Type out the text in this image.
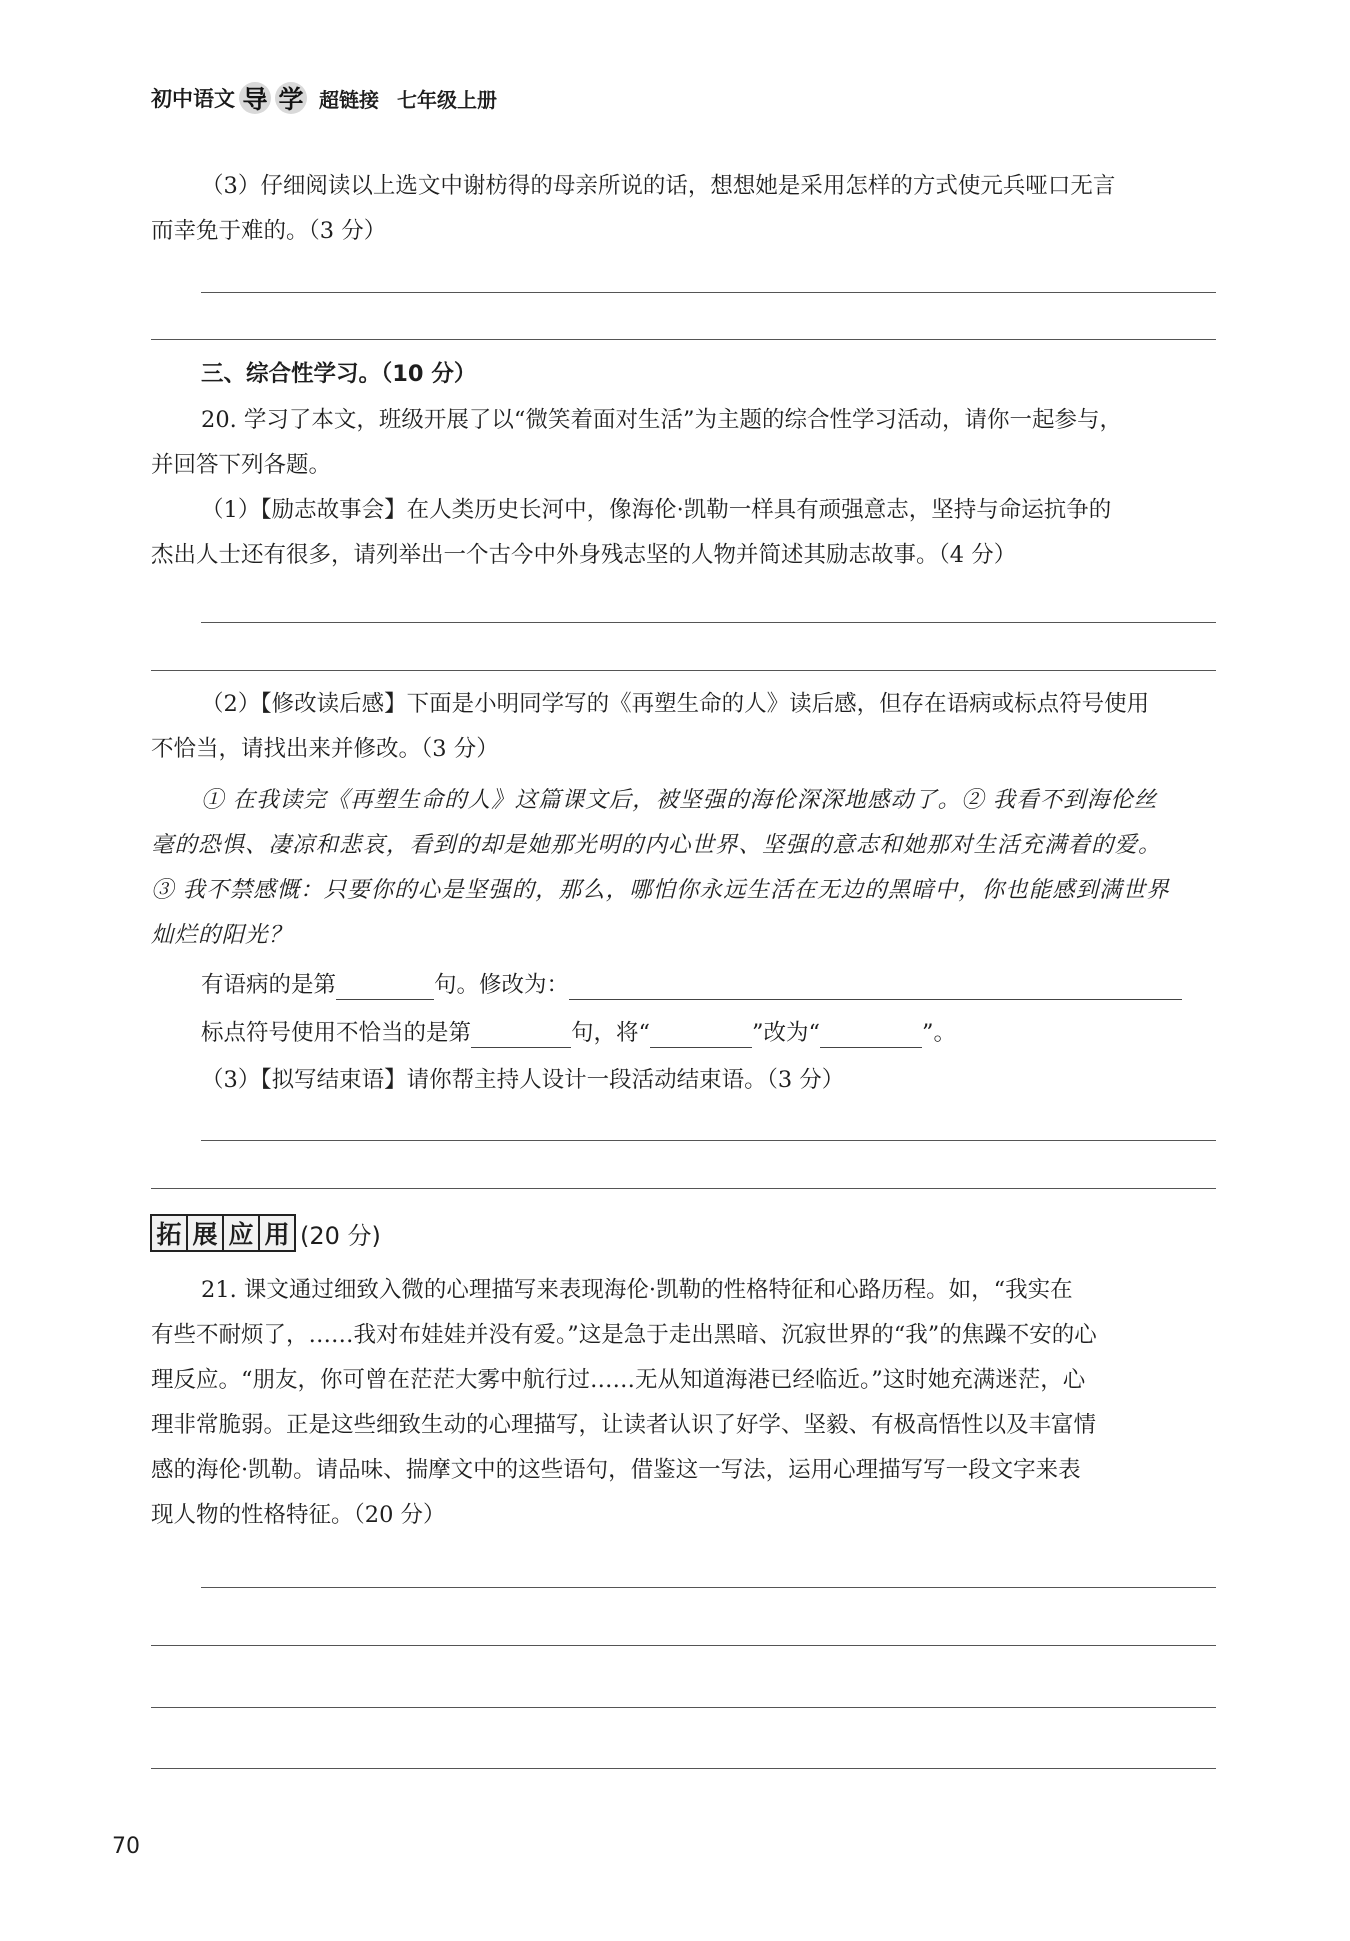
初中语文 导 学 超链接 七年级上册
（3）仔细阅读以上选文中谢枋得的母亲所说的话，想想她是采用怎样的方式使元兵哑口无言
而幸免于难的。（3 分）
三、综合性学习。（10 分）
20. 学习了本文，班级开展了以“微笑着面对生活”为主题的综合性学习活动，请你一起参与，
并回答下列各题。
（1）【励志故事会】在人类历史长河中，像海伦·凯勒一样具有顽强意志，坚持与命运抗争的
杰出人士还有很多，请列举出一个古今中外身残志坚的人物并简述其励志故事。（4 分）
（2）【修改读后感】下面是小明同学写的《再塑生命的人》读后感，但存在语病或标点符号使用
不恰当，请找出来并修改。（3 分）
① 在我读完《再塑生命的人》这篇课文后，被坚强的海伦深深地感动了。② 我看不到海伦丝
毫的恐惧、凄凉和悲哀，看到的却是她那光明的内心世界、坚强的意志和她那对生活充满着的爱。
③ 我不禁感慨：只要你的心是坚强的，那么，哪怕你永远生活在无边的黑暗中，你也能感到满世界
灿烂的阳光？
有语病的是第	句。修改为：
标点符号使用不恰当的是第	句，将“	”改为“	”。
（3）【拟写结束语】请你帮主持人设计一段活动结束语。（3 分）
拓 展 应 用 (20 分)
21. 课文通过细致入微的心理描写来表现海伦·凯勒的性格特征和心路历程。如，“我实在
有些不耐烦了，……我对布娃娃并没有爱。”这是急于走出黑暗、沉寂世界的“我”的焦躁不安的心
理反应。“朋友，你可曾在茫茫大雾中航行过……无从知道海港已经临近。”这时她充满迷茫，心
理非常脆弱。正是这些细致生动的心理描写，让读者认识了好学、坚毅、有极高悟性以及丰富情
感的海伦·凯勒。请品味、揣摩文中的这些语句，借鉴这一写法，运用心理描写写一段文字来表
现人物的性格特征。（20 分）
70
